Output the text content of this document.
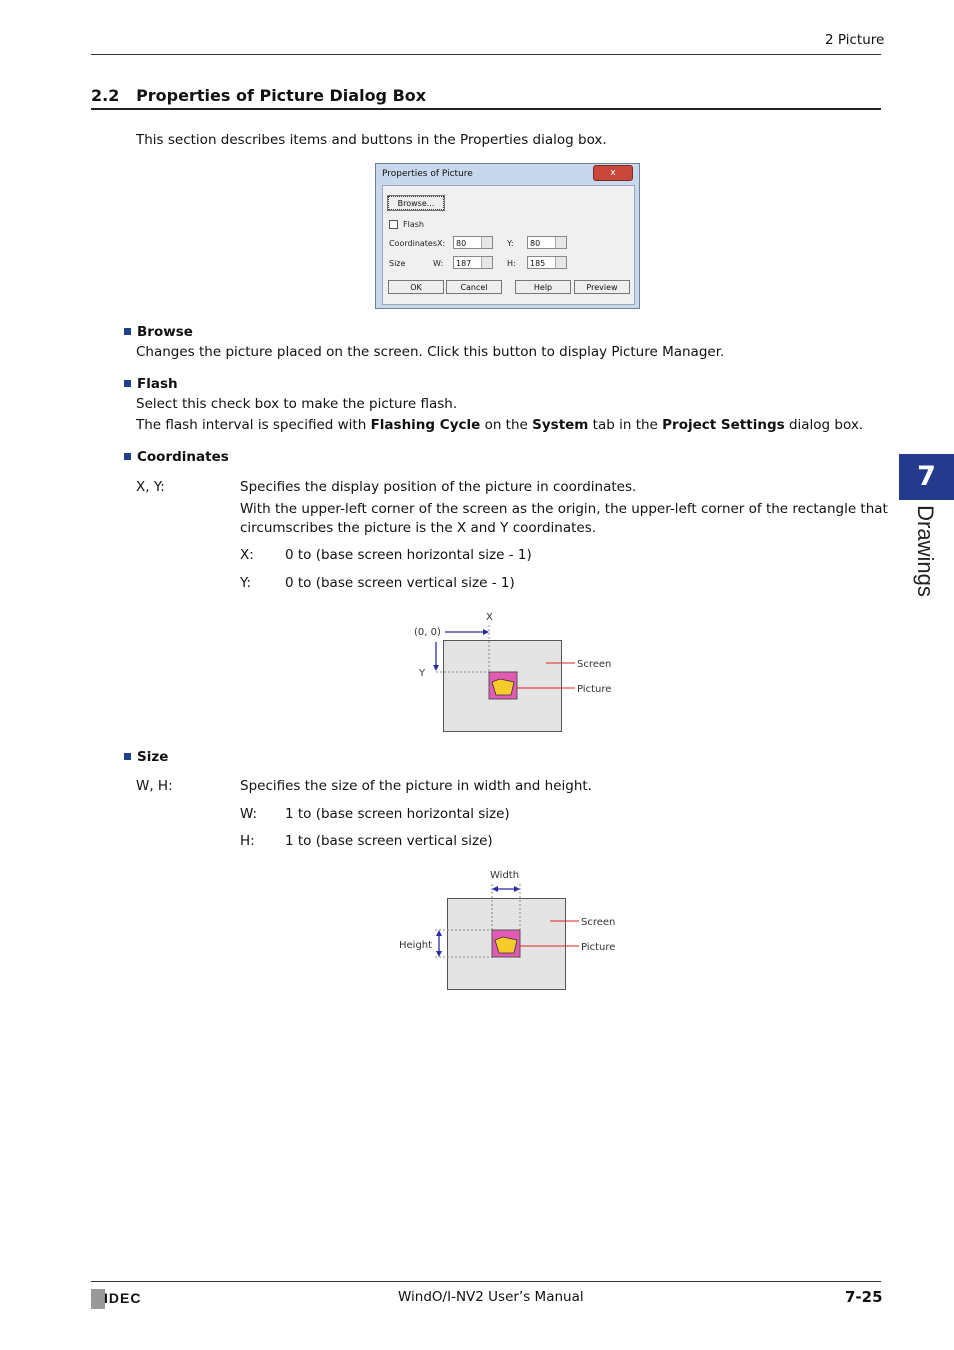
2 Picture
2.2 Properties of Picture Dialog Box
This section describes items and buttons in the Properties dialog box.
Properties of Picture	x
Browse...
Flash
Coordinates X:	80	Y:	80
Size	W:	187	H:	185
OK	Cancel	Help	Preview
Browse
Changes the picture placed on the screen. Click this button to display Picture Manager.
Flash
Select this check box to make the picture flash.
The flash interval is specified with Flashing Cycle on the System tab in the Project Settings dialog box.
Coordinates
X, Y:	Specifies the display position of the picture in coordinates.
With the upper-left corner of the screen as the origin, the upper-left corner of the rectangle that
circumscribes the picture is the X and Y coordinates.
X: 0 to (base screen horizontal size - 1)
Y:	0 to (base screen vertical size - 1)
X
(0, 0)
Y
Screen
Picture
Size
W, H:	Specifies the size of the picture in width and height.
W: 1 to (base screen horizontal size)
H: 1 to (base screen vertical size)
Width
Height
Screen
Picture
7
Drawings
IDEC	WindO/I-NV2 User’s Manual	7-25
